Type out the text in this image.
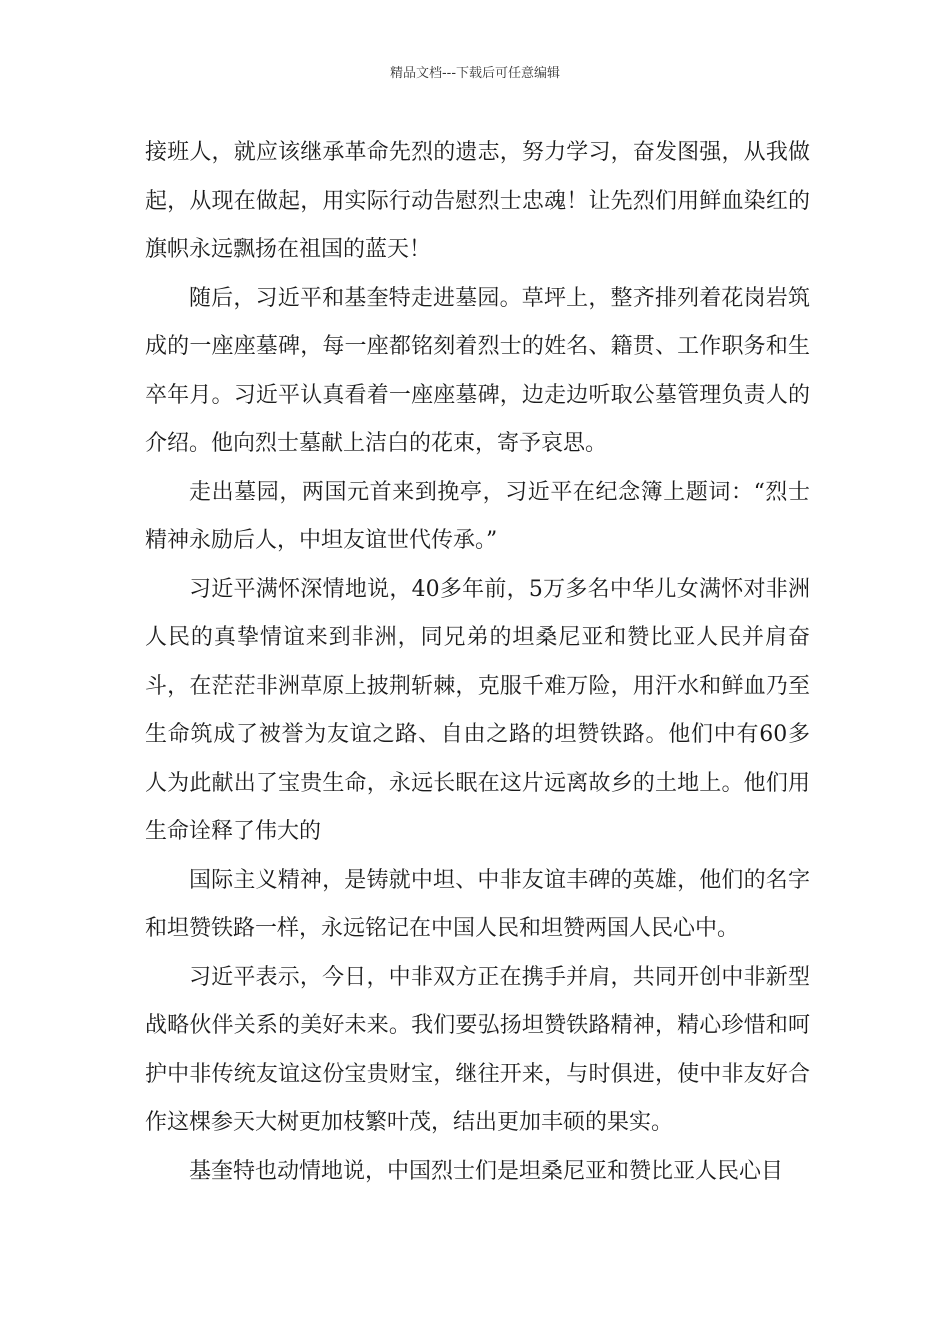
精品文档---下载后可任意编辑

接班人，就应该继承革命先烈的遗志，努力学习，奋发图强，从我做起，从现在做起，用实际行动告慰烈士忠魂！让先烈们用鲜血染红的旗帜永远飘扬在祖国的蓝天！

随后，习近平和基奎特走进墓园。草坪上，整齐排列着花岗岩筑成的一座座墓碑，每一座都铭刻着烈士的姓名、籍贯、工作职务和生卒年月。习近平认真看着一座座墓碑，边走边听取公墓管理负责人的介绍。他向烈士墓献上洁白的花束，寄予哀思。

走出墓园，两国元首来到挽亭，习近平在纪念簿上题词：“烈士精神永励后人，中坦友谊世代传承。”

习近平满怀深情地说，40多年前，5万多名中华儿女满怀对非洲人民的真挚情谊来到非洲，同兄弟的坦桑尼亚和赞比亚人民并肩奋斗，在茫茫非洲草原上披荆斩棘，克服千难万险，用汗水和鲜血乃至生命筑成了被誉为友谊之路、自由之路的坦赞铁路。他们中有60多人为此献出了宝贵生命，永远长眠在这片远离故乡的土地上。他们用生命诠释了伟大的

国际主义精神，是铸就中坦、中非友谊丰碑的英雄，他们的名字和坦赞铁路一样，永远铭记在中国人民和坦赞两国人民心中。

习近平表示，今日，中非双方正在携手并肩，共同开创中非新型战略伙伴关系的美好未来。我们要弘扬坦赞铁路精神，精心珍惜和呵护中非传统友谊这份宝贵财宝，继往开来，与时俱进，使中非友好合作这棵参天大树更加枝繁叶茂，结出更加丰硕的果实。

基奎特也动情地说，中国烈士们是坦桑尼亚和赞比亚人民心目
